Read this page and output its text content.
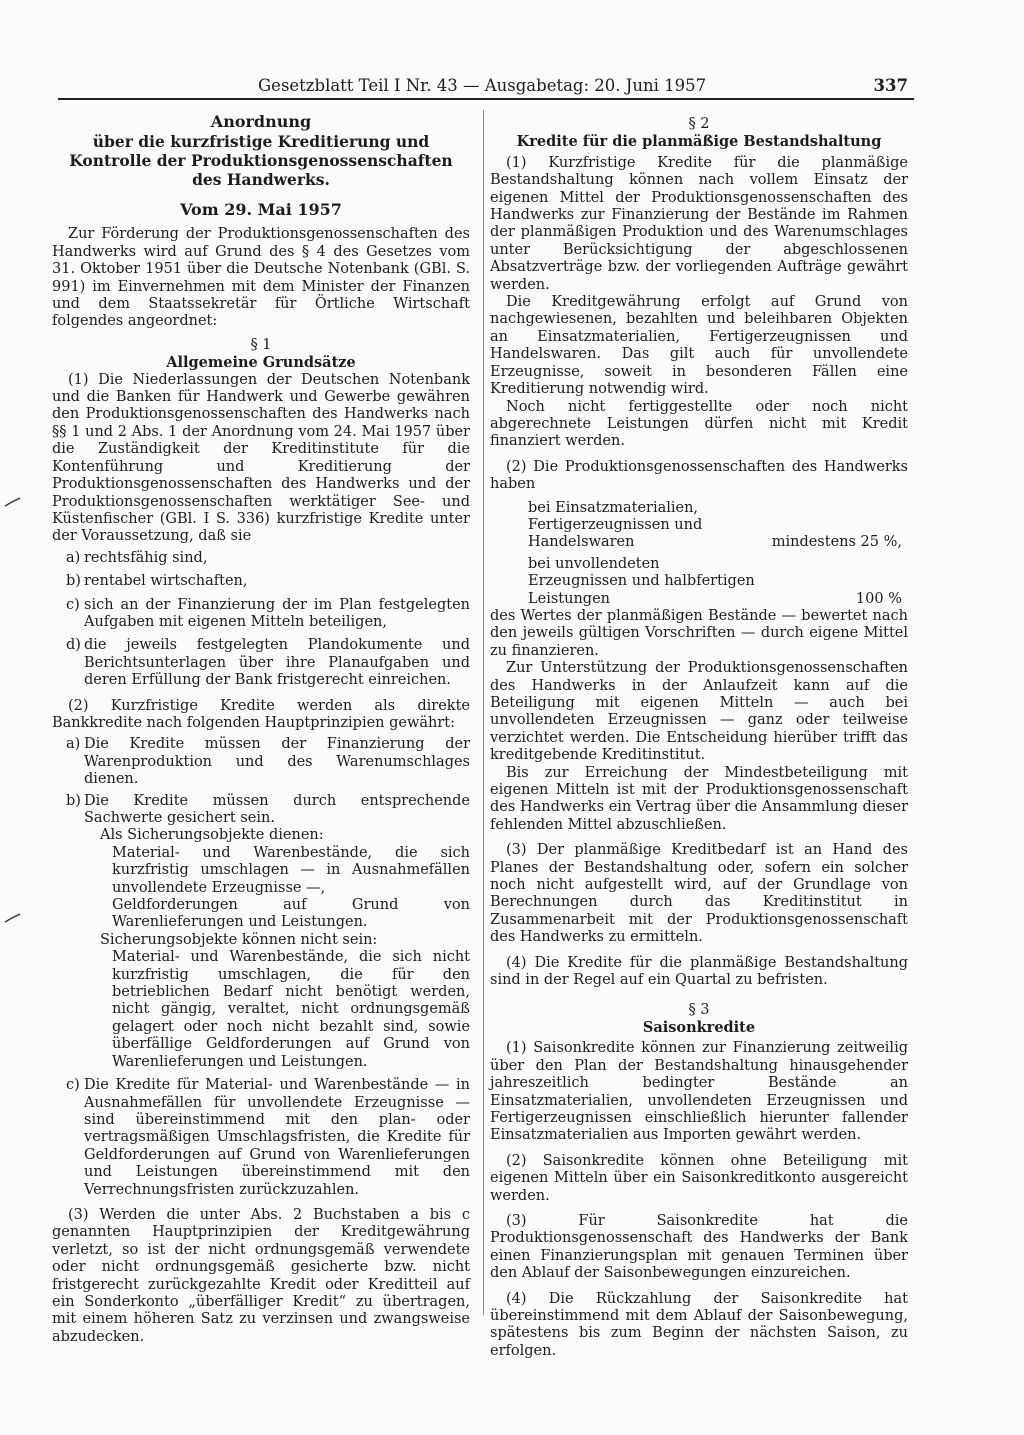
Gesetzblatt Teil I Nr. 43 — Ausgabetag: 20. Juni 1957	337

Anordnung

über die kurzfristige Kreditierung und Kontrolle der Produktionsgenossenschaften des Handwerks.

Vom 29. Mai 1957

Zur Förderung der Produktionsgenossenschaften des Handwerks wird auf Grund des § 4 des Gesetzes vom 31. Oktober 1951 über die Deutsche Notenbank (GBl. S. 991) im Einvernehmen mit dem Minister der Finanzen und dem Staatssekretär für Örtliche Wirtschaft folgendes angeordnet:

§ 1

Allgemeine Grundsätze

(1) Die Niederlassungen der Deutschen Notenbank und die Banken für Handwerk und Gewerbe gewähren den Produktionsgenossenschaften des Handwerks nach §§ 1 und 2 Abs. 1 der Anordnung vom 24. Mai 1957 über die Zuständigkeit der Kreditinstitute für die Kontenführung und Kreditierung der Produktionsgenossenschaften des Handwerks und der Produktionsgenossenschaften werktätiger See- und Küstenfischer (GBl. I S. 336) kurzfristige Kredite unter der Voraussetzung, daß sie

a) rechtsfähig sind,
b) rentabel wirtschaften,
c) sich an der Finanzierung der im Plan festgelegten Aufgaben mit eigenen Mitteln beteiligen,
d) die jeweils festgelegten Plandokumente und Berichtsunterlagen über ihre Planaufgaben und deren Erfüllung der Bank fristgerecht einreichen.

(2) Kurzfristige Kredite werden als direkte Bankkredite nach folgenden Hauptprinzipien gewährt:

a) Die Kredite müssen der Finanzierung der Warenproduktion und des Warenumschlages dienen.
b) Die Kredite müssen durch entsprechende Sachwerte gesichert sein.

Als Sicherungsobjekte dienen:

Material- und Warenbestände, die sich kurzfristig umschlagen — in Ausnahmefällen unvollendete Erzeugnisse —,

Geldforderungen auf Grund von Warenlieferungen und Leistungen.

Sicherungsobjekte können nicht sein:

Material- und Warenbestände, die sich nicht kurzfristig umschlagen, die für den betrieblichen Bedarf nicht benötigt werden, nicht gängig, veraltet, nicht ordnungsgemäß gelagert oder noch nicht bezahlt sind, sowie überfällige Geldforderungen auf Grund von Warenlieferungen und Leistungen.

c) Die Kredite für Material- und Warenbestände — in Ausnahmefällen für unvollendete Erzeugnisse — sind übereinstimmend mit den plan- oder vertragsmäßigen Umschlagsfristen, die Kredite für Geldforderungen auf Grund von Warenlieferungen und Leistungen übereinstimmend mit den Verrechnungsfristen zurückzuzahlen.

(3) Werden die unter Abs. 2 Buchstaben a bis c genannten Hauptprinzipien der Kreditgewährung verletzt, so ist der nicht ordnungsgemäß verwendete oder nicht ordnungsgemäß gesicherte bzw. nicht fristgerecht zurückgezahlte Kredit oder Kreditteil auf ein Sonderkonto „überfälliger Kredit“ zu übertragen, mit einem höheren Satz zu verzinsen und zwangsweise abzudecken.

§ 2

Kredite für die planmäßige Bestandshaltung

(1) Kurzfristige Kredite für die planmäßige Bestandshaltung können nach vollem Einsatz der eigenen Mittel der Produktionsgenossenschaften des Handwerks zur Finanzierung der Bestände im Rahmen der planmäßigen Produktion und des Warenumschlages unter Berücksichtigung der abgeschlossenen Absatzverträge bzw. der vorliegenden Aufträge gewährt werden.

Die Kreditgewährung erfolgt auf Grund von nachgewiesenen, bezahlten und beleihbaren Objekten an Einsatzmaterialien, Fertigerzeugnissen und Handelswaren. Das gilt auch für unvollendete Erzeugnisse, soweit in besonderen Fällen eine Kreditierung notwendig wird.

Noch nicht fertiggestellte oder noch nicht abgerechnete Leistungen dürfen nicht mit Kredit finanziert werden.

(2) Die Produktionsgenossenschaften des Handwerks haben

bei Einsatzmaterialien, Fertigerzeugnissen und Handelswaren	mindestens 25 %,
bei unvollendeten Erzeugnissen und halbfertigen Leistungen	100 %

des Wertes der planmäßigen Bestände — bewertet nach den jeweils gültigen Vorschriften — durch eigene Mittel zu finanzieren.

Zur Unterstützung der Produktionsgenossenschaften des Handwerks in der Anlaufzeit kann auf die Beteiligung mit eigenen Mitteln — auch bei unvollendeten Erzeugnissen — ganz oder teilweise verzichtet werden. Die Entscheidung hierüber trifft das kreditgebende Kreditinstitut.

Bis zur Erreichung der Mindestbeteiligung mit eigenen Mitteln ist mit der Produktionsgenossenschaft des Handwerks ein Vertrag über die Ansammlung dieser fehlenden Mittel abzuschließen.

(3) Der planmäßige Kreditbedarf ist an Hand des Planes der Bestandshaltung oder, sofern ein solcher noch nicht aufgestellt wird, auf der Grundlage von Berechnungen durch das Kreditinstitut in Zusammenarbeit mit der Produktionsgenossenschaft des Handwerks zu ermitteln.

(4) Die Kredite für die planmäßige Bestandshaltung sind in der Regel auf ein Quartal zu befristen.

§ 3

Saisonkredite

(1) Saisonkredite können zur Finanzierung zeitweilig über den Plan der Bestandshaltung hinausgehender jahreszeitlich bedingter Bestände an Einsatzmaterialien, unvollendeten Erzeugnissen und Fertigerzeugnissen einschließlich hierunter fallender Einsatzmaterialien aus Importen gewährt werden.

(2) Saisonkredite können ohne Beteiligung mit eigenen Mitteln über ein Saisonkreditkonto ausgereicht werden.

(3) Für Saisonkredite hat die Produktionsgenossenschaft des Handwerks der Bank einen Finanzierungsplan mit genauen Terminen über den Ablauf der Saisonbewegungen einzureichen.

(4) Die Rückzahlung der Saisonkredite hat übereinstimmend mit dem Ablauf der Saisonbewegung, spätestens bis zum Beginn der nächsten Saison, zu erfolgen.
